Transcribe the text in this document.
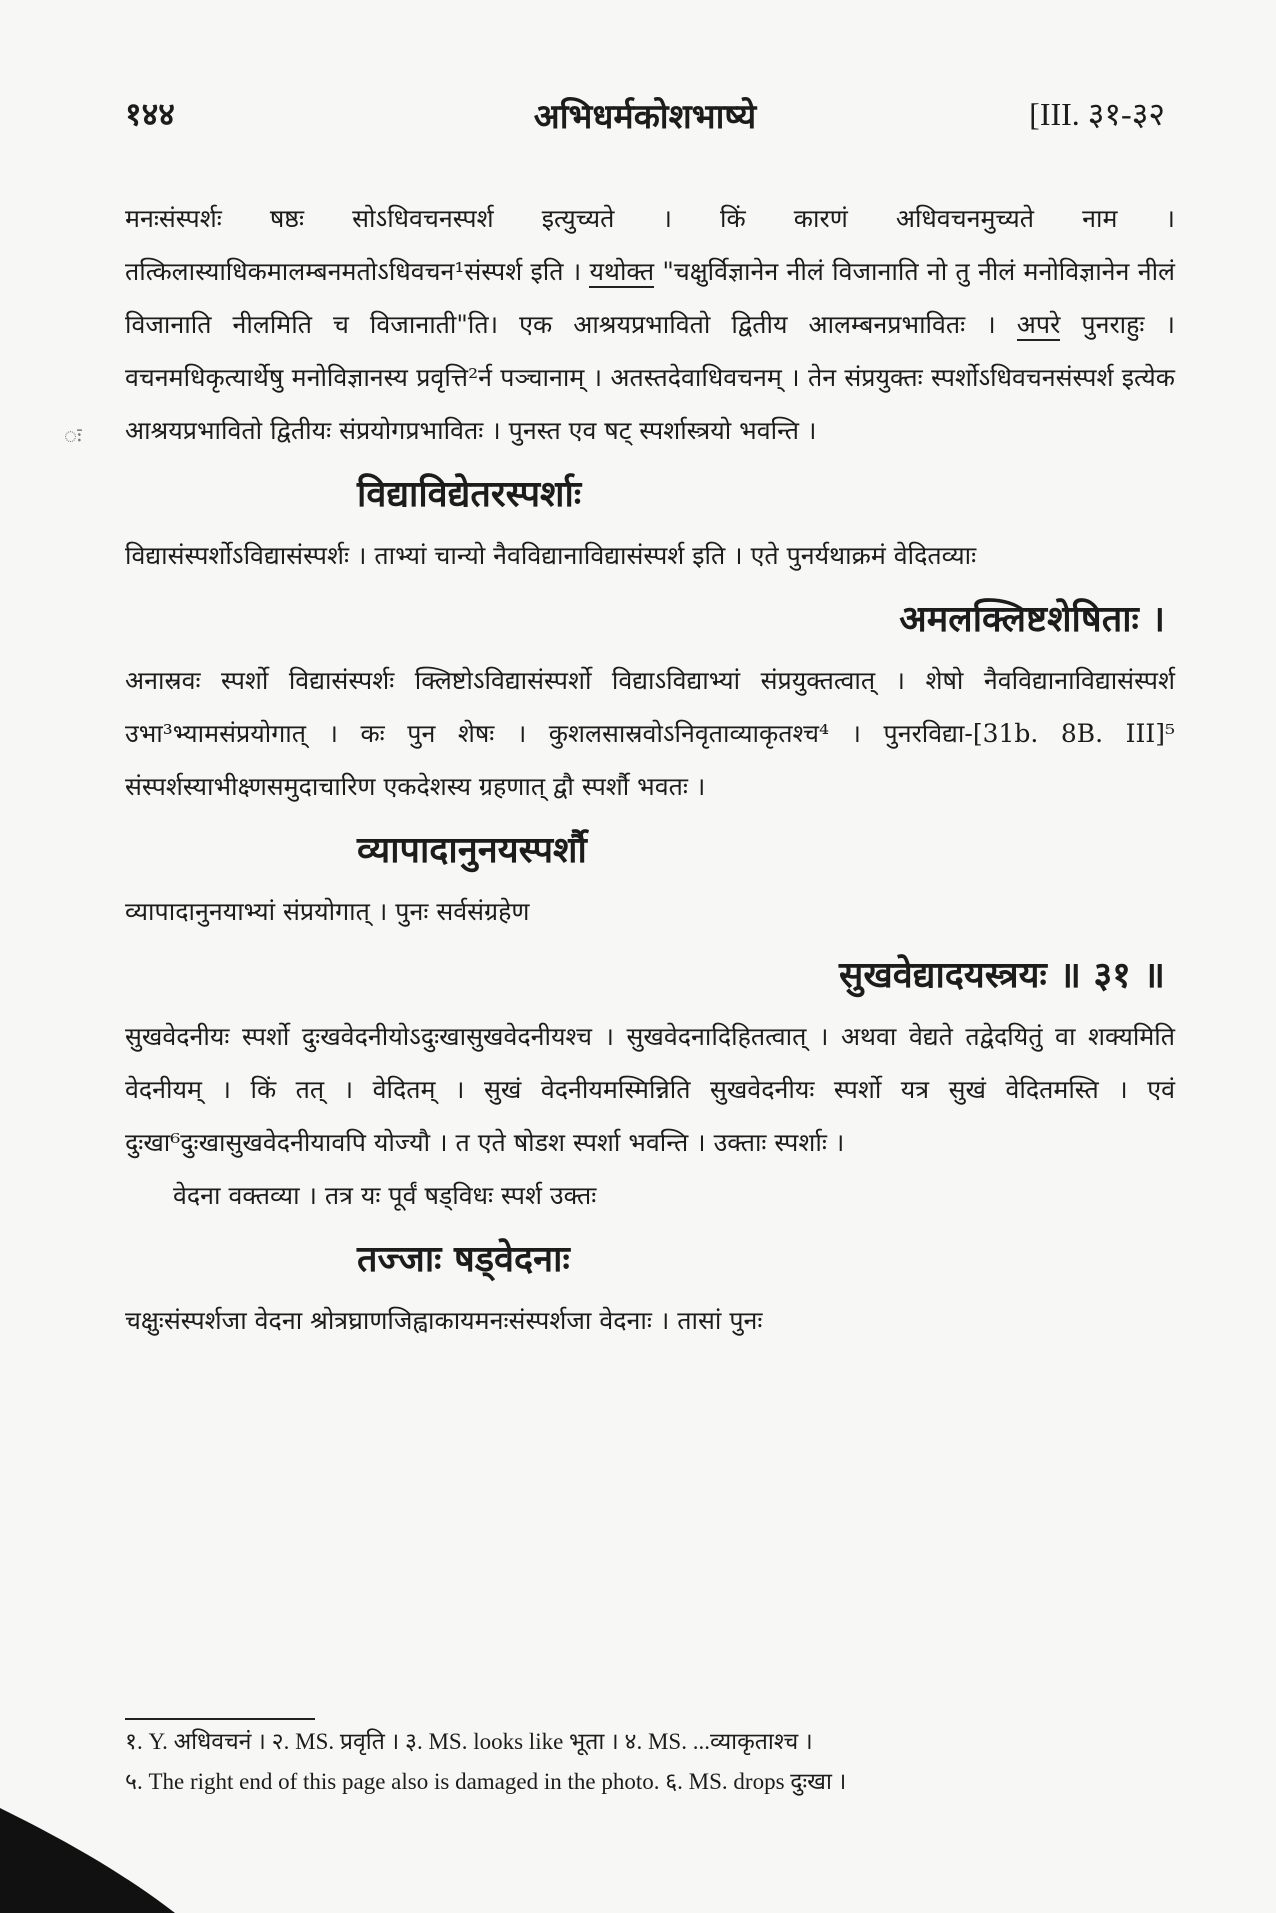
१४४	अभिधर्मकोशभाष्ये	[III. ३१-३२
ः

मनःसंस्पर्शः षष्ठः सोऽधिवचनस्पर्श इत्युच्यते । किं कारणं अधिवचनमुच्यते नाम । तत्किलास्याधिकमालम्बनमतोऽधिवचन¹संस्पर्श इति । यथोक्त "चक्षुर्विज्ञानेन नीलं विजानाति नो तु नीलं मनोविज्ञानेन नीलं विजानाति नीलमिति च विजानाती"ति। एक आश्रयप्रभावितो द्वितीय आलम्बनप्रभावितः । अपरे पुनराहुः । वचनमधिकृत्यार्थेषु मनोविज्ञानस्य प्रवृत्ति²र्न पञ्चानाम् । अतस्तदेवाधिवचनम् । तेन संप्रयुक्तः स्पर्शोऽधिवचनसंस्पर्श इत्येक आश्रयप्रभावितो द्वितीयः संप्रयोगप्रभावितः । पुनस्त एव षट् स्पर्शास्त्रयो भवन्ति ।

विद्याविद्येतरस्पर्शाः

विद्यासंस्पर्शोऽविद्यासंस्पर्शः । ताभ्यां चान्यो नैवविद्यानाविद्यासंस्पर्श इति । एते पुनर्यथाक्रमं वेदितव्याः

अमलक्लिष्टशेषिताः ।

अनास्रवः स्पर्शो विद्यासंस्पर्शः क्लिष्टोऽविद्यासंस्पर्शो विद्याऽविद्याभ्यां संप्रयुक्तत्वात् । शेषो नैवविद्यानाविद्यासंस्पर्श उभा³भ्यामसंप्रयोगात् । कः पुन शेषः । कुशलसास्रवोऽनिवृताव्याकृतश्च⁴ । पुनरविद्या-[31b. 8B. III]⁵ संस्पर्शस्याभीक्ष्णसमुदाचारिण एकदेशस्य ग्रहणात् द्वौ स्पर्शौ भवतः ।

व्यापादानुनयस्पर्शौ

व्यापादानुनयाभ्यां संप्रयोगात् । पुनः सर्वसंग्रहेण

सुखवेद्यादयस्त्रयः ॥ ३१ ॥

सुखवेदनीयः स्पर्शो दुःखवेदनीयोऽदुःखासुखवेदनीयश्च । सुखवेदनादिहितत्वात् । अथवा वेद्यते तद्वेदयितुं वा शक्यमिति वेदनीयम् । किं तत् । वेदितम् । सुखं वेदनीयमस्मिन्निति सुखवेदनीयः स्पर्शो यत्र सुखं वेदितमस्ति । एवं दुःखा⁶दुःखासुखवेदनीयावपि योज्यौ । त एते षोडश स्पर्शा भवन्ति । उक्ताः स्पर्शाः ।

वेदना वक्तव्या । तत्र यः पूर्वं षड्विधः स्पर्श उक्तः

तज्जाः षड्वेदनाः

चक्षुःसंस्पर्शजा वेदना श्रोत्रघ्राणजिह्वाकायमनःसंस्पर्शजा वेदनाः । तासां पुनः

१. Y. अधिवचनं । २. MS. प्रवृति । ३. MS. looks like भूता । ४. MS. ...व्याकृताश्च ।

५. The right end of this page also is damaged in the photo. ६. MS. drops दुःखा ।
